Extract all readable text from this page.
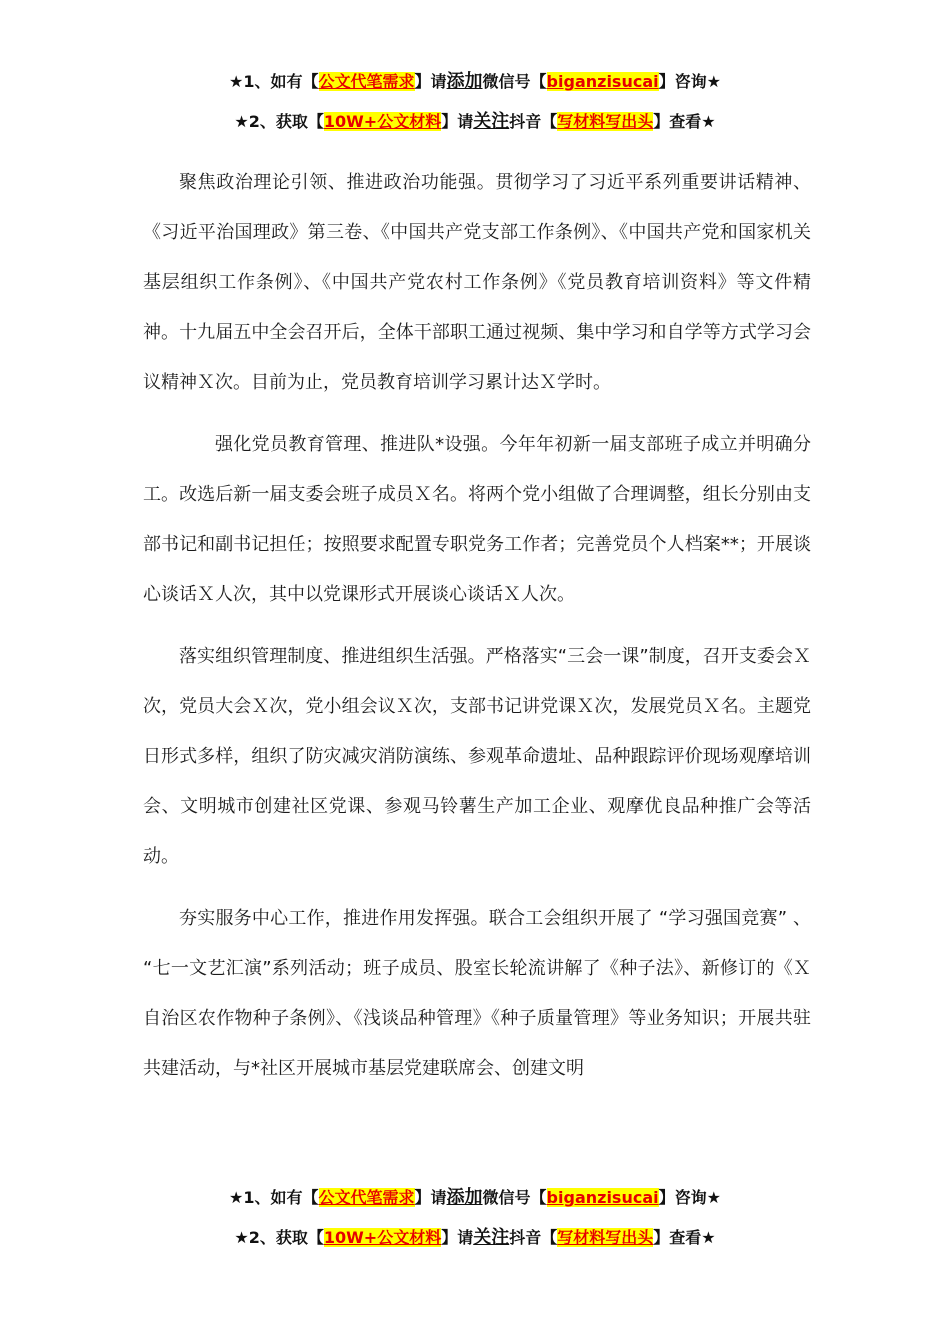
★1、如有【公文代笔需求】请添加微信号【biganzisucai】咨询★
★2、获取【10W+公文材料】请关注抖音【写材料写出头】查看★

聚焦政治理论引领、推进政治功能强。贯彻学习了习近平系列重要讲话精神、《习近平治国理政》第三卷、《中国共产党支部工作条例》、《中国共产党和国家机关基层组织工作条例》、《中国共产党农村工作条例》《党员教育培训资料》等文件精神。十九届五中全会召开后，全体干部职工通过视频、集中学习和自学等方式学习会议精神Ｘ次。目前为止，党员教育培训学习累计达Ｘ学时。

强化党员教育管理、推进队*设强。今年年初新一届支部班子成立并明确分工。改选后新一届支委会班子成员Ｘ名。将两个党小组做了合理调整，组长分别由支部书记和副书记担任；按照要求配置专职党务工作者；完善党员个人档案**；开展谈心谈话Ｘ人次，其中以党课形式开展谈心谈话Ｘ人次。

落实组织管理制度、推进组织生活强。严格落实“三会一课”制度，召开支委会Ｘ次，党员大会Ｘ次，党小组会议Ｘ次，支部书记讲党课Ｘ次，发展党员Ｘ名。主题党日形式多样，组织了防灾减灾消防演练、参观革命遗址、品种跟踪评价现场观摩培训会、文明城市创建社区党课、参观马铃薯生产加工企业、观摩优良品种推广会等活动。

夯实服务中心工作，推进作用发挥强。联合工会组织开展了 “学习强国竞赛” 、 “七一文艺汇演”系列活动；班子成员、股室长轮流讲解了《种子法》、新修订的《Ｘ自治区农作物种子条例》、《浅谈品种管理》《种子质量管理》等业务知识；开展共驻共建活动，与*社区开展城市基层党建联席会、创建文明

★1、如有【公文代笔需求】请添加微信号【biganzisucai】咨询★
★2、获取【10W+公文材料】请关注抖音【写材料写出头】查看★
